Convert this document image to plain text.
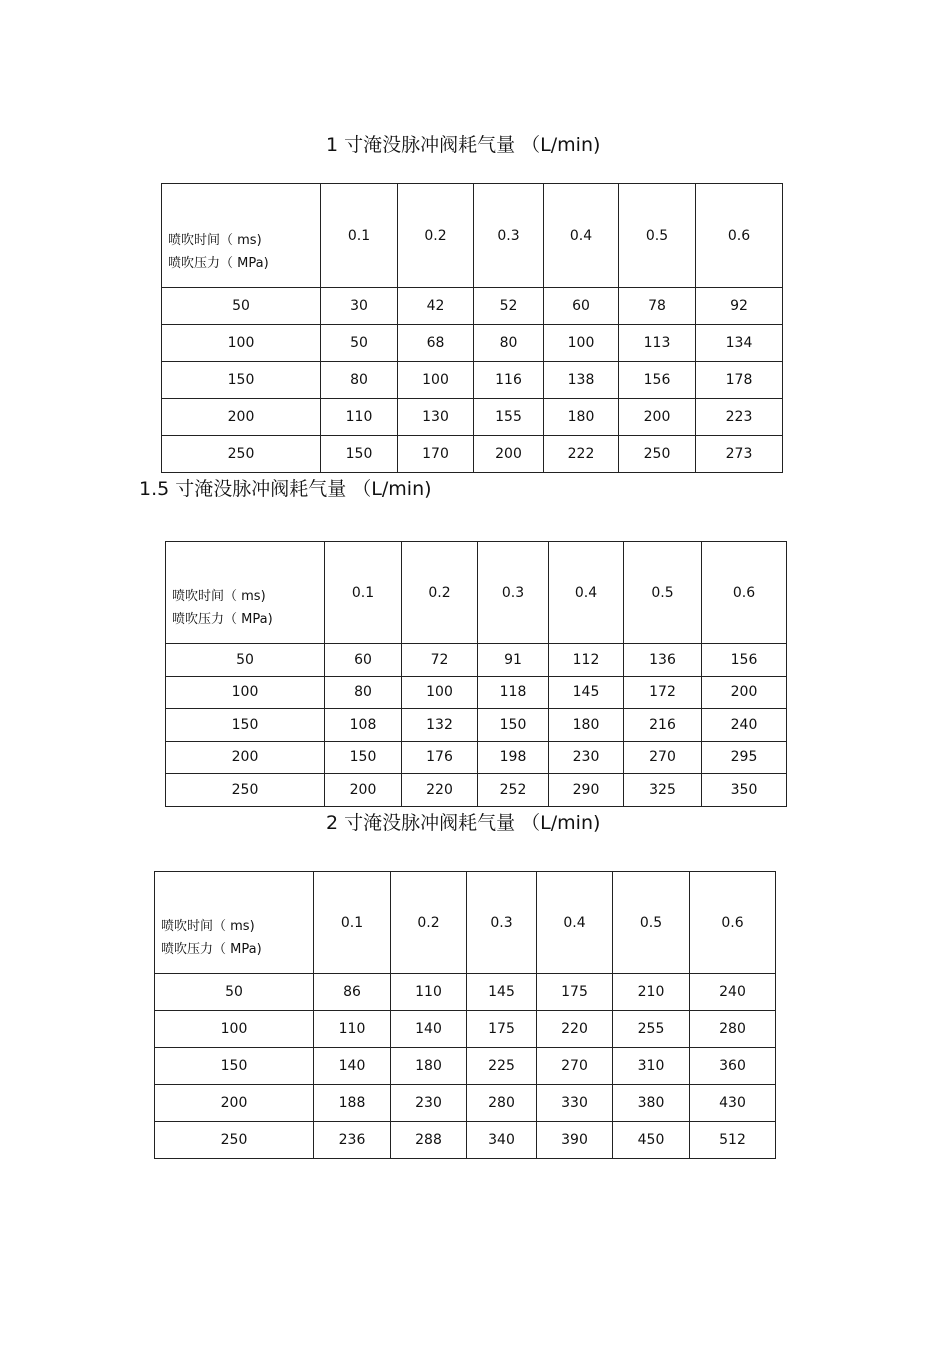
1 寸淹没脉冲阀耗气量 （L/min)
喷吹时间（ ms)
喷吹压力（ MPa)	0.1	0.2	0.3	0.4	0.5	0.6
50	30	42	52	60	78	92
100	50	68	80	100	113	134
150	80	100	116	138	156	178
200	110	130	155	180	200	223
250	150	170	200	222	250	273
1.5 寸淹没脉冲阀耗气量 （L/min)
喷吹时间（ ms)
喷吹压力（ MPa)	0.1	0.2	0.3	0.4	0.5	0.6
50	60	72	91	112	136	156
100	80	100	118	145	172	200
150	108	132	150	180	216	240
200	150	176	198	230	270	295
250	200	220	252	290	325	350
2 寸淹没脉冲阀耗气量 （L/min)
喷吹时间（ ms)
喷吹压力（ MPa)	0.1	0.2	0.3	0.4	0.5	0.6
50	86	110	145	175	210	240
100	110	140	175	220	255	280
150	140	180	225	270	310	360
200	188	230	280	330	380	430
250	236	288	340	390	450	512
